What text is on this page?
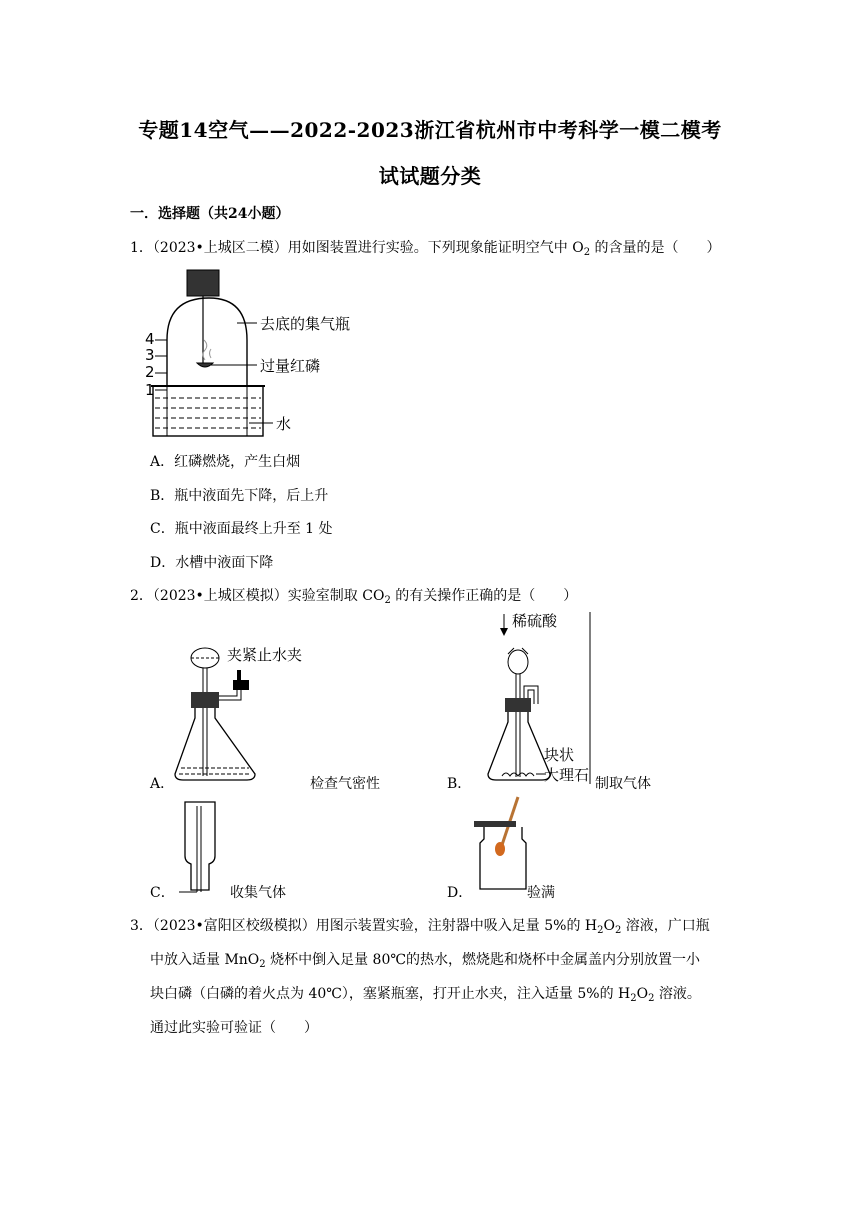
专题14空气——2022-2023浙江省杭州市中考科学一模二模考
试试题分类
一．选择题（共24小题）
1．（2023•上城区二模）用如图装置进行实验。下列现象能证明空气中 $O_2$ 的含量的是（　　）
4
3
2
1
去底的集气瓶
过量红磷
水
A．红磷燃烧，产生白烟
B．瓶中液面先下降，后上升
C．瓶中液面最终上升至 1 处
D．水槽中液面下降
2．（2023•上城区模拟）实验室制取 $CO_2$ 的有关操作正确的是（　　）
夹紧止水夹
稀硫酸
块状
大理石
A．	检查气密性	B．	制取气体
C．	收集气体	D．	验满
3．（2023•富阳区校级模拟）用图示装置实验，注射器中吸入足量 5%的 $H_2O_2$ 溶液，广口瓶
中放入适量 MnO$_2$ 烧杯中倒入足量 80℃的热水，燃烧匙和烧杯中金属盖内分别放置一小
块白磷（白磷的着火点为 40℃），塞紧瓶塞，打开止水夹，注入适量 5%的 $H_2O_2$ 溶液。
通过此实验可验证（　　）
